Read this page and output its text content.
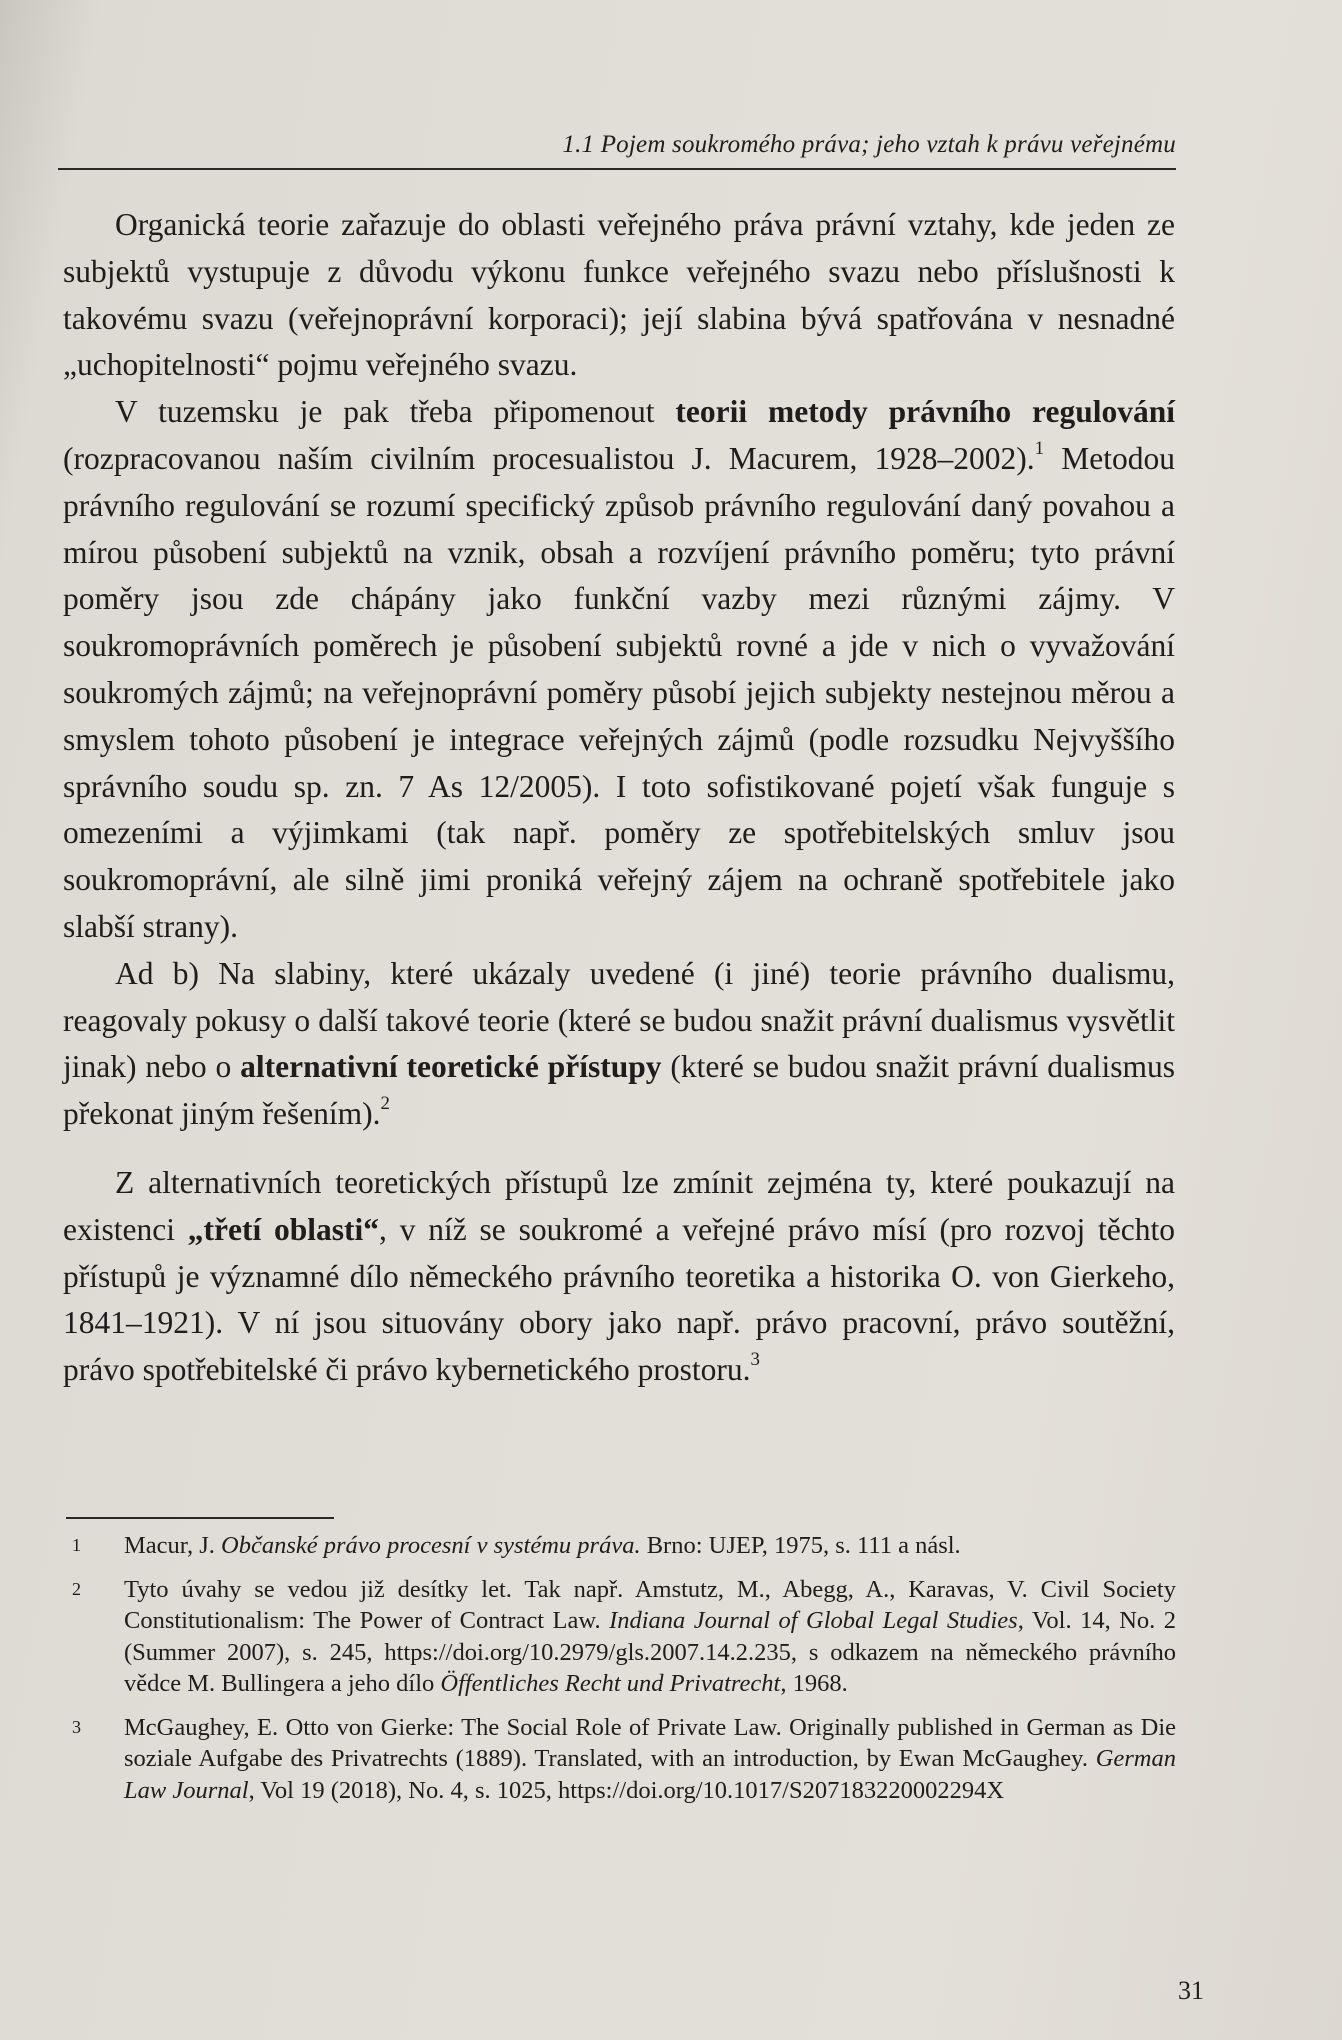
1.1 Pojem soukromého práva; jeho vztah k právu veřejnému

Organická teorie zařazuje do oblasti veřejného práva právní vztahy, kde jeden ze subjektů vystupuje z důvodu výkonu funkce veřejného svazu nebo příslušnosti k takovému svazu (veřejnoprávní korporaci); její slabina bývá spatřována v nesnadné „uchopitelnosti“ pojmu veřejného svazu.

V tuzemsku je pak třeba připomenout teorii metody právního regulování (rozpracovanou naším civilním procesualistou J. Macurem, 1928–2002).$^1$ Metodou právního regulování se rozumí specifický způsob právního regulování daný povahou a mírou působení subjektů na vznik, obsah a rozvíjení právního poměru; tyto právní poměry jsou zde chápány jako funkční vazby mezi různými zájmy. V soukromoprávních poměrech je působení subjektů rovné a jde v nich o vyvažování soukromých zájmů; na veřejnoprávní poměry působí jejich subjekty nestejnou měrou a smyslem tohoto působení je integrace veřejných zájmů (podle rozsudku Nejvyššího správního soudu sp. zn. 7 As 12/2005). I toto sofistikované pojetí však funguje s omezeními a výjimkami (tak např. poměry ze spotřebitelských smluv jsou soukromoprávní, ale silně jimi proniká veřejný zájem na ochraně spotřebitele jako slabší strany).

Ad b) Na slabiny, které ukázaly uvedené (i jiné) teorie právního dualismu, reagovaly pokusy o další takové teorie (které se budou snažit právní dualismus vysvětlit jinak) nebo o alternativní teoretické přístupy (které se budou snažit právní dualismus překonat jiným řešením).$^2$

Z alternativních teoretických přístupů lze zmínit zejména ty, které poukazují na existenci „třetí oblasti“, v níž se soukromé a veřejné právo mísí (pro rozvoj těchto přístupů je významné dílo německého právního teoretika a historika O. von Gierkeho, 1841–1921). V ní jsou situovány obory jako např. právo pracovní, právo soutěžní, právo spotřebitelské či právo kybernetického prostoru.$^3$

1 Macur, J. Občanské právo procesní v systému práva. Brno: UJEP, 1975, s. 111 a násl.
2 Tyto úvahy se vedou již desítky let. Tak např. Amstutz, M., Abegg, A., Karavas, V. Civil Society Constitutionalism: The Power of Contract Law. Indiana Journal of Global Legal Studies, Vol. 14, No. 2 (Summer 2007), s. 245, https://doi.org/10.2979/gls.2007.14.2.235, s odkazem na německého právního vědce M. Bullingera a jeho dílo Öffentliches Recht und Privatrecht, 1968.
3 McGaughey, E. Otto von Gierke: The Social Role of Private Law. Originally published in German as Die soziale Aufgabe des Privatrechts (1889). Translated, with an introduction, by Ewan McGaughey. German Law Journal, Vol 19 (2018), No. 4, s. 1025, https://doi.org/10.1017/S207183220002294X
31
